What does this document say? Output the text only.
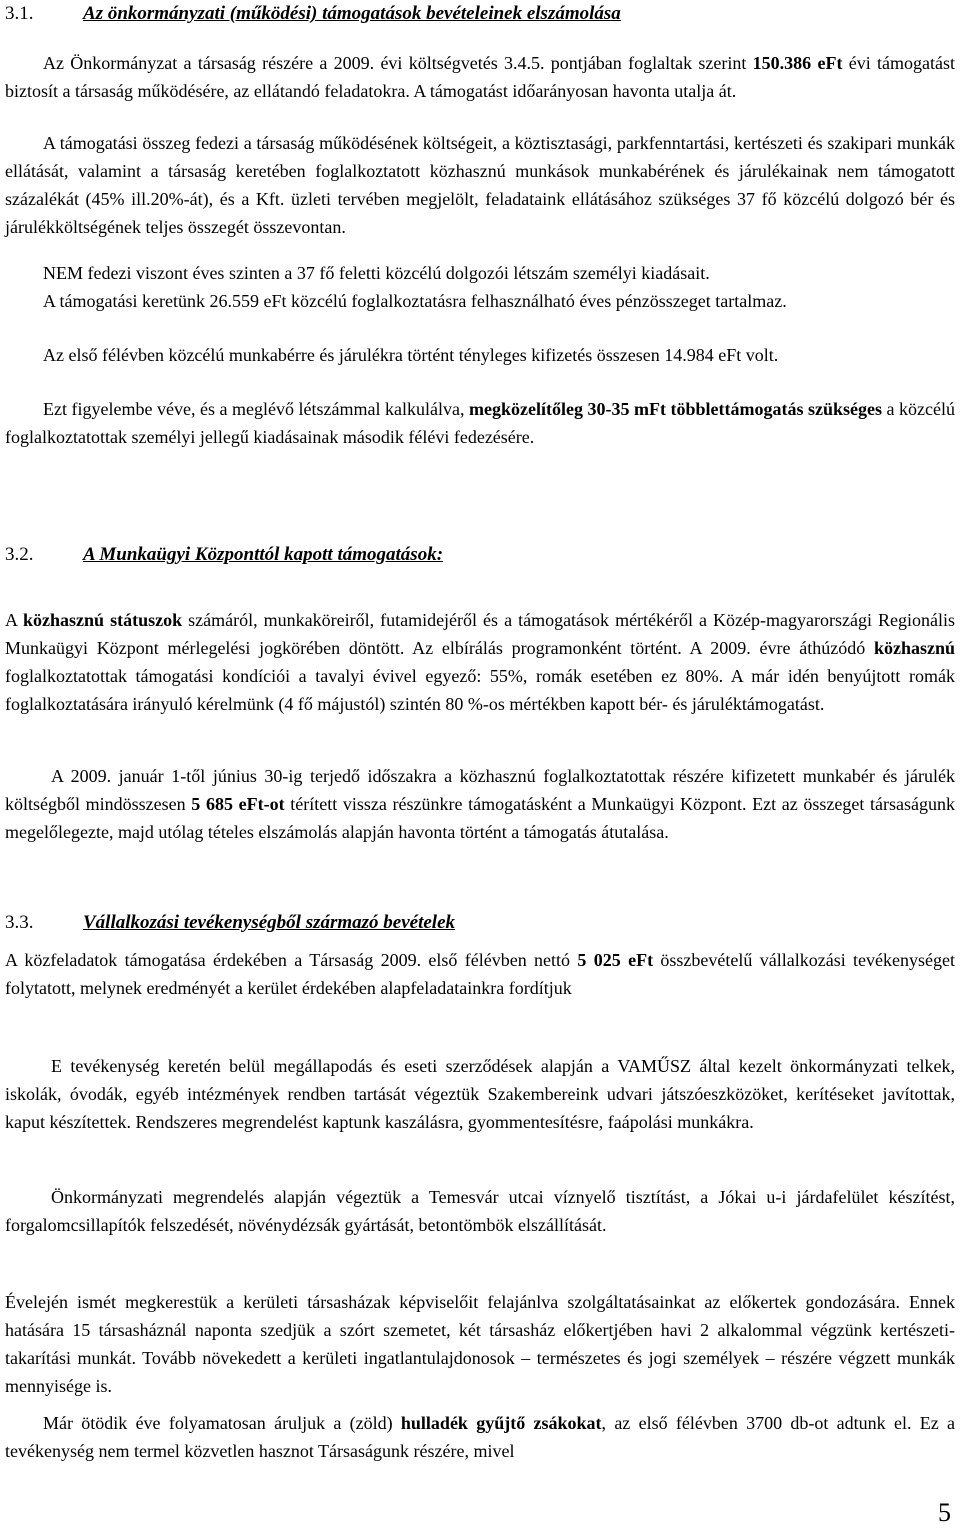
3.1.	Az önkormányzati (működési) támogatások bevételeinek elszámolása

Az Önkormányzat a társaság részére a 2009. évi költségvetés 3.4.5. pontjában foglaltak szerint 150.386 eFt évi támogatást biztosít a társaság működésére, az ellátandó feladatokra. A támogatást időarányosan havonta utalja át.

A támogatási összeg fedezi a társaság működésének költségeit, a köztisztasági, parkfenntartási, kertészeti és szakipari munkák ellátását, valamint a társaság keretében foglalkoztatott közhasznú munkások munkabérének és járulékainak nem támogatott százalékát (45% ill.20%-át), és a Kft. üzleti tervében megjelölt, feladataink ellátásához szükséges 37 fő közcélú dolgozó bér és járulékköltségének teljes összegét összevontan.

NEM fedezi viszont éves szinten a 37 fő feletti közcélú dolgozói létszám személyi kiadásait.

A támogatási keretünk 26.559 eFt közcélú foglalkoztatásra felhasználható éves pénzösszeget tartalmaz.

Az első félévben közcélú munkabérre és járulékra történt tényleges kifizetés összesen 14.984 eFt volt.

Ezt figyelembe véve, és a meglévő létszámmal kalkulálva, megközelítőleg 30-35 mFt többlettámogatás szükséges a közcélú foglalkoztatottak személyi jellegű kiadásainak második félévi fedezésére.

3.2.	A Munkaügyi Központtól kapott támogatások:

A közhasznú státuszok számáról, munkaköreiről, futamidejéről és a támogatások mértékéről a Közép-magyarországi Regionális Munkaügyi Központ mérlegelési jogkörében döntött. Az elbírálás programonként történt. A 2009. évre áthúzódó közhasznú foglalkoztatottak támogatási kondíciói a tavalyi évivel egyező: 55%, romák esetében ez 80%. A már idén benyújtott romák foglalkoztatására irányuló kérelmünk (4 fő májustól) szintén 80 %-os mértékben kapott bér- és járuléktámogatást.

A 2009. január 1-től június 30-ig terjedő időszakra a közhasznú foglalkoztatottak részére kifizetett munkabér és járulék költségből mindösszesen 5 685 eFt-ot térített vissza részünkre támogatásként a Munkaügyi Központ. Ezt az összeget társaságunk megelőlegezte, majd utólag tételes elszámolás alapján havonta történt a támogatás átutalása.

3.3.	Vállalkozási tevékenységből származó bevételek

A közfeladatok támogatása érdekében a Társaság 2009. első félévben nettó 5 025 eFt összbevételű vállalkozási tevékenységet folytatott, melynek eredményét a kerület érdekében alapfeladatainkra fordítjuk

E tevékenység keretén belül megállapodás és eseti szerződések alapján a VAMŰSZ által kezelt önkormányzati telkek, iskolák, óvodák, egyéb intézmények rendben tartását végeztük Szakembereink udvari játszóeszközöket, kerítéseket javítottak, kaput készítettek. Rendszeres megrendelést kaptunk kaszálásra, gyommentesítésre, faápolási munkákra.

Önkormányzati megrendelés alapján végeztük a Temesvár utcai víznyelő tisztítást, a Jókai u-i járdafelület készítést, forgalomcsillapítók felszedését, növénydézsák gyártását, betontömbök elszállítását.

Évelején ismét megkerestük a kerületi társasházak képviselőit felajánlva szolgáltatásainkat az előkertek gondozására. Ennek hatására 15 társasháznál naponta szedjük a szórt szemetet, két társasház előkertjében havi 2 alkalommal végzünk kertészeti-takarítási munkát. Tovább növekedett a kerületi ingatlantulajdonosok – természetes és jogi személyek – részére végzett munkák mennyisége is.

Már ötödik éve folyamatosan áruljuk a (zöld) hulladék gyűjtő zsákokat, az első félévben 3700 db-ot adtunk el. Ez a tevékenység nem termel közvetlen hasznot Társaságunk részére, mivel

5
